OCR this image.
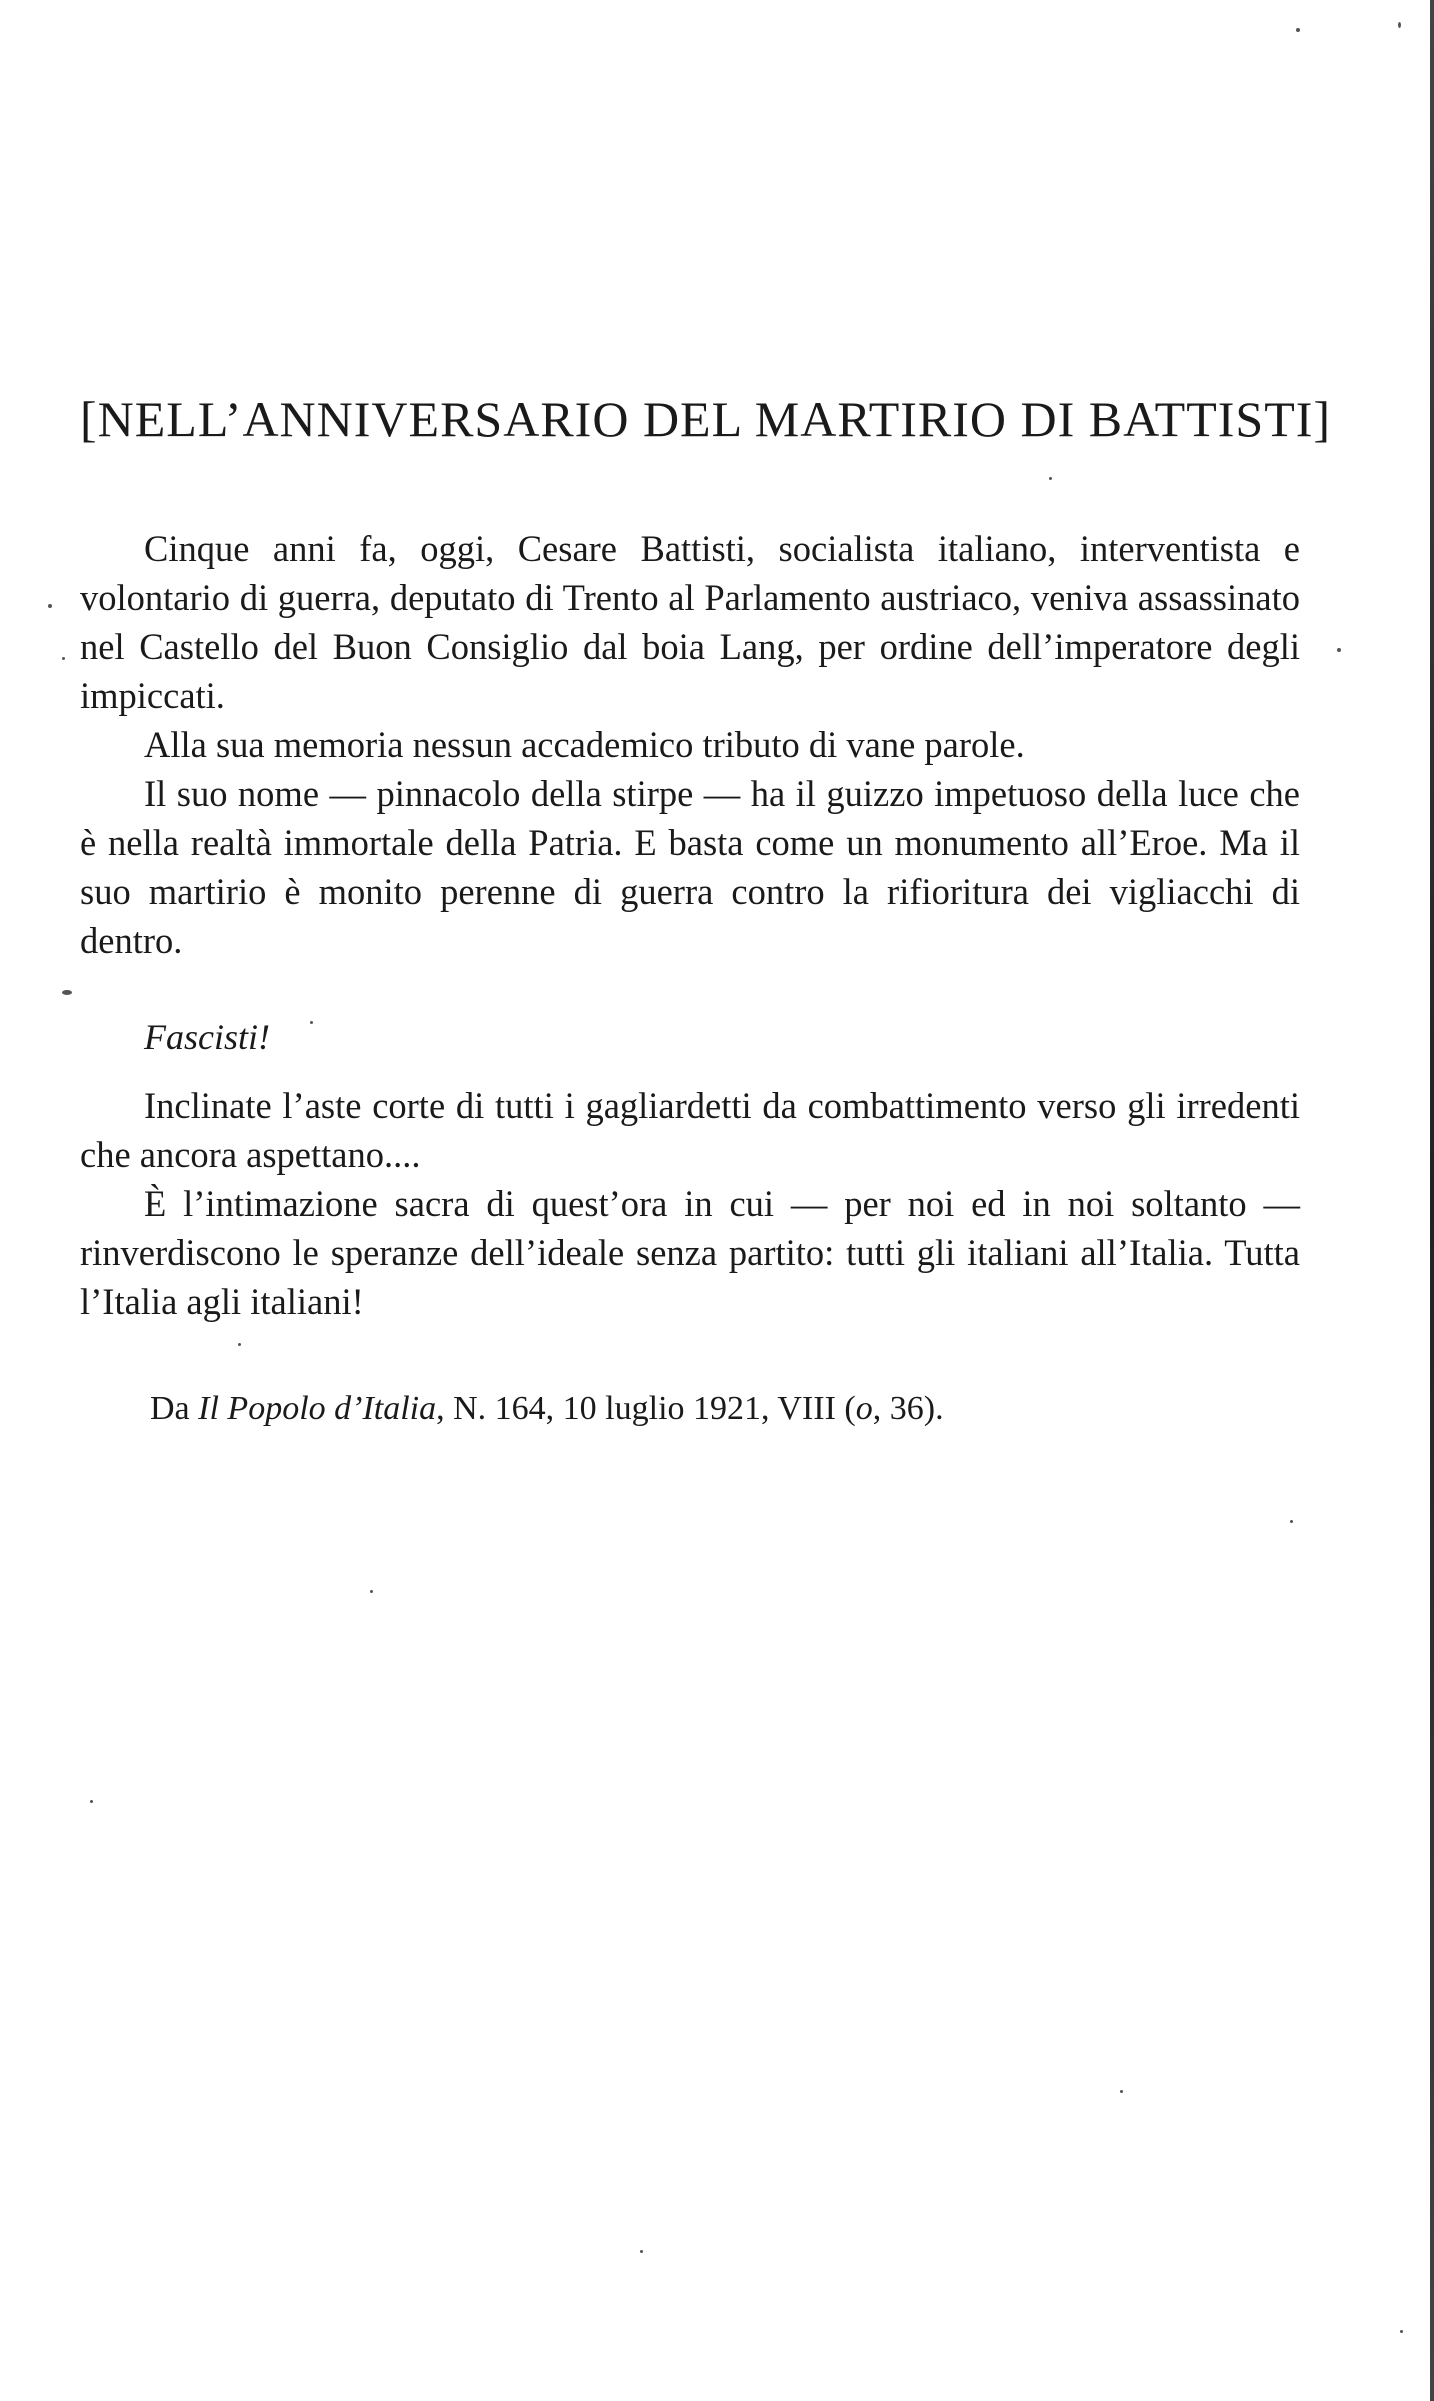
[NELL’ANNIVERSARIO DEL MARTIRIO DI BATTISTI]

Cinque anni fa, oggi, Cesare Battisti, socialista italiano, interventista e volontario di guerra, deputato di Trento al Parlamento austriaco, veniva assassinato nel Castello del Buon Consiglio dal boia Lang, per ordine dell’imperatore degli impiccati.

Alla sua memoria nessun accademico tributo di vane parole.

Il suo nome — pinnacolo della stirpe — ha il guizzo impetuoso della luce che è nella realtà immortale della Patria. E basta come un monumento all’Eroe. Ma il suo martirio è monito perenne di guerra contro la rifioritura dei vigliacchi di dentro.

Fascisti!

Inclinate l’aste corte di tutti i gagliardetti da combattimento verso gli irredenti che ancora aspettano....

È l’intimazione sacra di quest’ora in cui — per noi ed in noi soltanto — rinverdiscono le speranze dell’ideale senza partito: tutti gli italiani all’Italia. Tutta l’Italia agli italiani!

Da Il Popolo d’Italia, N. 164, 10 luglio 1921, VIII (o, 36).
